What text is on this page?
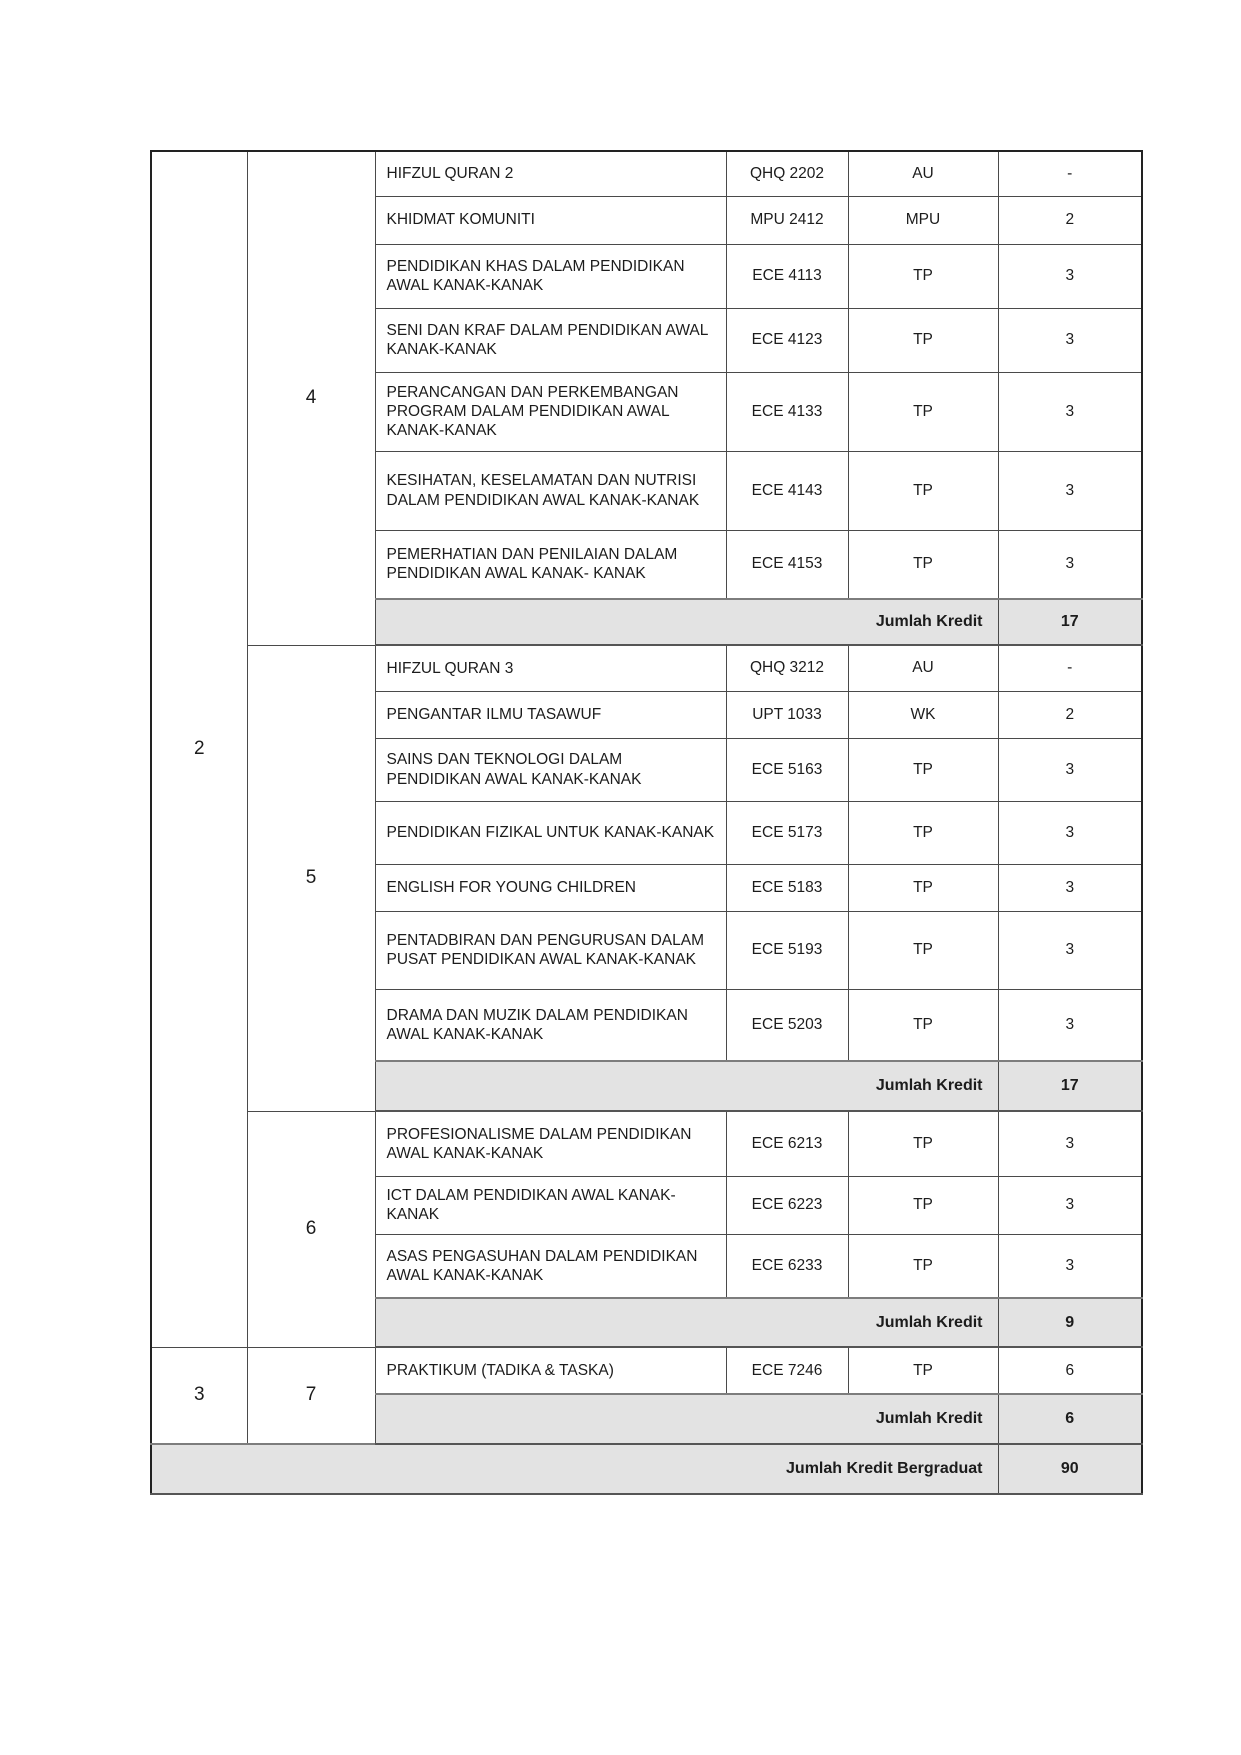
2	4	HIFZUL QURAN 2	QHQ 2202	AU	-
		KHIDMAT KOMUNITI	MPU 2412	MPU	2
		PENDIDIKAN KHAS DALAM PENDIDIKAN AWAL KANAK-KANAK	ECE 4113	TP	3
		SENI DAN KRAF DALAM PENDIDIKAN AWAL KANAK-KANAK	ECE 4123	TP	3
		PERANCANGAN DAN PERKEMBANGAN PROGRAM DALAM PENDIDIKAN AWAL KANAK-KANAK	ECE 4133	TP	3
		KESIHATAN, KESELAMATAN DAN NUTRISI DALAM PENDIDIKAN AWAL KANAK-KANAK	ECE 4143	TP	3
		PEMERHATIAN DAN PENILAIAN DALAM PENDIDIKAN AWAL KANAK- KANAK	ECE 4153	TP	3
		Jumlah Kredit			17
	5	HIFZUL QURAN 3	QHQ 3212	AU	-
		PENGANTAR ILMU TASAWUF	UPT 1033	WK	2
		SAINS DAN TEKNOLOGI DALAM PENDIDIKAN AWAL KANAK-KANAK	ECE 5163	TP	3
		PENDIDIKAN FIZIKAL UNTUK KANAK-KANAK	ECE 5173	TP	3
		ENGLISH FOR YOUNG CHILDREN	ECE 5183	TP	3
		PENTADBIRAN DAN PENGURUSAN DALAM PUSAT PENDIDIKAN AWAL KANAK-KANAK	ECE 5193	TP	3
		DRAMA DAN MUZIK DALAM PENDIDIKAN AWAL KANAK-KANAK	ECE 5203	TP	3
		Jumlah Kredit			17
	6	PROFESIONALISME DALAM PENDIDIKAN AWAL KANAK-KANAK	ECE 6213	TP	3
		ICT DALAM PENDIDIKAN AWAL KANAK-KANAK	ECE 6223	TP	3
		ASAS PENGASUHAN DALAM PENDIDIKAN AWAL KANAK-KANAK	ECE 6233	TP	3
		Jumlah Kredit			9
3	7	PRAKTIKUM (TADIKA & TASKA)	ECE 7246	TP	6
		Jumlah Kredit			6
Jumlah Kredit Bergraduat					90
